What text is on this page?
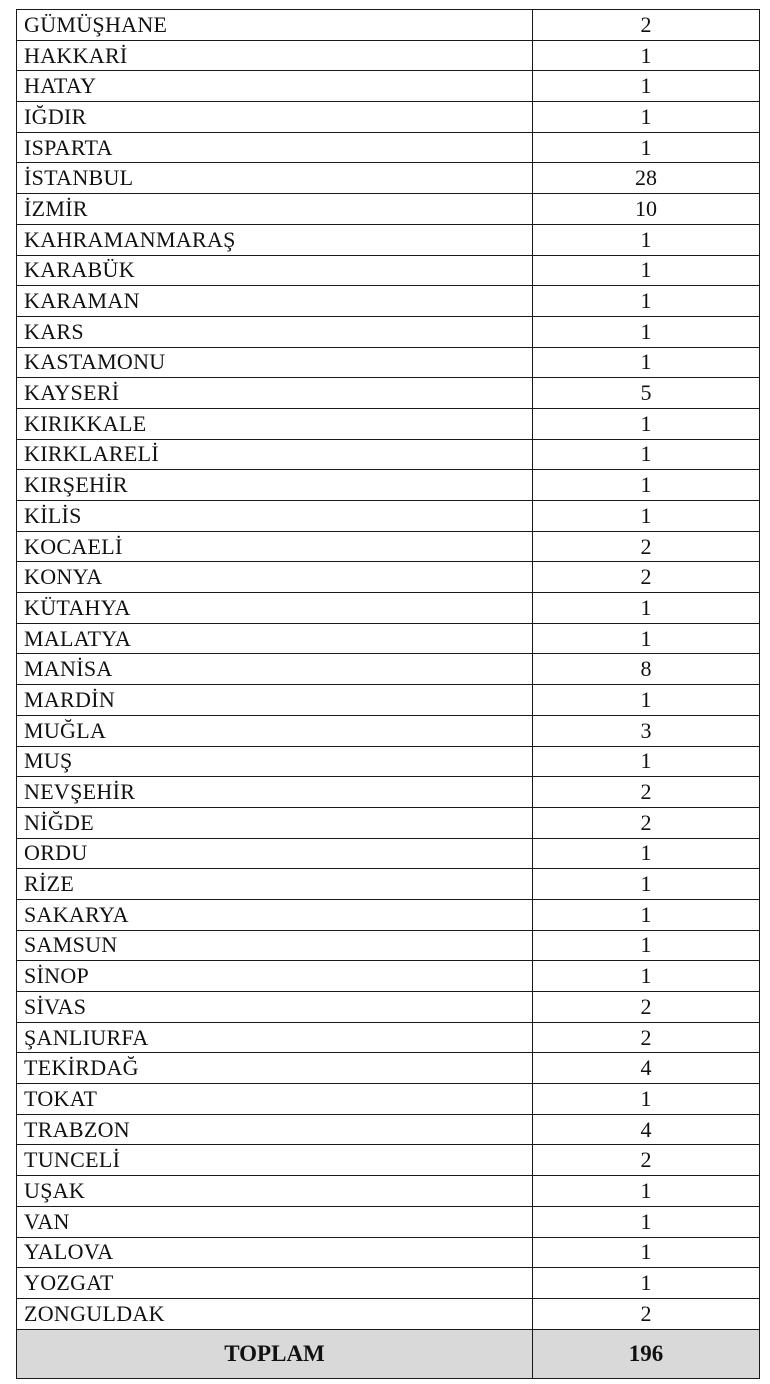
GÜMÜŞHANE	2
HAKKARİ	1
HATAY	1
IĞDIR	1
ISPARTA	1
İSTANBUL	28
İZMİR	10
KAHRAMANMARAŞ	1
KARABÜK	1
KARAMAN	1
KARS	1
KASTAMONU	1
KAYSERİ	5
KIRIKKALE	1
KIRKLARELİ	1
KIRŞEHİR	1
KİLİS	1
KOCAELİ	2
KONYA	2
KÜTAHYA	1
MALATYA	1
MANİSA	8
MARDİN	1
MUĞLA	3
MUŞ	1
NEVŞEHİR	2
NİĞDE	2
ORDU	1
RİZE	1
SAKARYA	1
SAMSUN	1
SİNOP	1
SİVAS	2
ŞANLIURFA	2
TEKİRDAĞ	4
TOKAT	1
TRABZON	4
TUNCELİ	2
UŞAK	1
VAN	1
YALOVA	1
YOZGAT	1
ZONGULDAK	2
TOPLAM	196
